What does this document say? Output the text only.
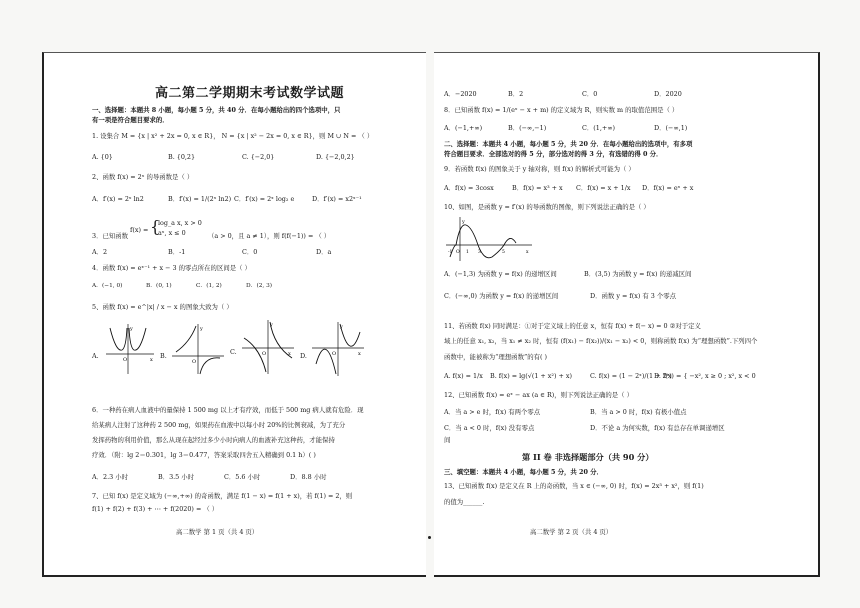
高二第二学期期末考试数学试题
一、选择题：本题共 8 小题，每小题 5 分，共 40 分．在每小题给出的四个选项中，只
有一项是符合题目要求的．
1. 设集合 M = {x | x² + 2x = 0, x ∈ R}， N = {x | x² − 2x = 0, x ∈ R}，则 M ∪ N = （ ）
A. {0}	B. {0,2}	C. {−2,0}	D. {−2,0,2}
2、函数 f(x) = 2ˣ 的导函数是（ ）
A．f′(x) = 2ˣ ln2	B．f′(x) = 1/(2ˣ ln2) C．f′(x) = 2ˣ log₂ e	D．f′(x) = x2ˣ⁻¹
3．已知函数
f(x) = {
log_a x, x > 0
aˣ, x ≤ 0	（a > 0，且 a ≠ 1），则 f(f(−1)) = （ ）
A．2	B．-1	C．0	D．a
4．函数 f(x) = eˣ⁻¹ + x − 3 的零点所在的区间是（ ）
A．(−1, 0)	B．(0, 1)	C．(1, 2)	D．(2, 3)
5、函数 f(x) = e^|x| / x − x 的图象大致为（ ）
A.
y
O	x B.
y
O
C.
y
O	x D.
y
O	x
6．一种药在病人血液中的量保持 1 500 mg 以上才有疗效，而低于 500 mg 病人就有危险．现
给某病人注射了这种药 2 500 mg，如果药在血液中以每小时 20%的比例衰减，为了充分
发挥药物的利用价值，那么从现在起经过多少小时向病人的血液补充这种药，才能保持
疗效．（附：lg 2＝0.301，lg 3＝0.477，答案采取四舍五入精确到 0.1 h）( )
A．2.3 小时	B．3.5 小时	C．5.6 小时	D．8.8 小时
7、已知 f(x) 是定义域为 (−∞,+∞) 的奇函数，满足 f(1 − x) = f(1 + x)，若 f(1) = 2，则
f(1) + f(2) + f(3) + ⋯ + f(2020) = （ ）
高二数学 第 1 页（共 4 页）
A．−2020	B．2	C．0	D．2020
8．已知函数 f(x) = 1/(eˣ − x + m) 的定义域为 R，则实数 m 的取值范围是（ ）
A．(−1,+∞)	B．(−∞,−1)	C．(1,+∞)	D．(−∞,1)
二、选择题：本题共 4 小题，每小题 5 分，共 20 分．在每小题给出的选项中，有多项
符合题目要求．全部选对的得 5 分，部分选对的得 3 分，有选错的得 0 分．
9．若函数 f(x) 的图象关于 y 轴对称，则 f(x) 的解析式可能为（ ）
A．f(x) = 3cosx	B．f(x) = x³ + x C．f(x) = x + 1/x D．f(x) = eˣ + x
10、如图，是函数 y = f′(x) 的导函数的图像，则下列说法正确的是（ ）
y
-1 O 1 3	5	x
A．(−1,3) 为函数 y = f(x) 的递增区间	B．(3,5) 为函数 y = f(x) 的递减区间
C．(−∞,0) 为函数 y = f(x) 的递增区间	D．函数 y = f(x) 有 3 个零点
11、若函数 f(x) 同时满足：①对于定义域上的任意 x，恒有 f(x) + f(− x) = 0 ②对于定义
域上的任意 x₁, x₂，当 x₁ ≠ x₂ 时，恒有 (f(x₁) − f(x₂))/(x₁ − x₂) < 0，则称函数 f(x) 为“理想函数”.下列四个
函数中，能被称为“理想函数”的有( )
A. f(x) = 1/x B. f(x) = lg(√(1 + x²) + x)	C. f(x) = (1 − 2ˣ)/(1 + 2ˣ)
D. f(x) = { −x², x ≥ 0 ; x², x < 0
12、已知函数 f(x) = eˣ − ax (a ∈ R)，则下列说法正确的是（ ）
A．当 a > e 时，f(x) 有两个零点	B．当 a > 0 时，f(x) 有极小值点
C．当 a < 0 时，f(x) 没有零点	D．不论 a 为何实数，f(x) 有总存在单调递增区
间
第 II 卷 非选择题部分（共 90 分）
三、填空题：本题共 4 小题，每小题 5 分，共 20 分．
13、已知函数 f(x) 是定义在 R 上的奇函数，当 x ∈ (−∞, 0) 时，f(x) = 2x³ + x²，则 f(1)
的值为______.
高二数学 第 2 页（共 4 页）
